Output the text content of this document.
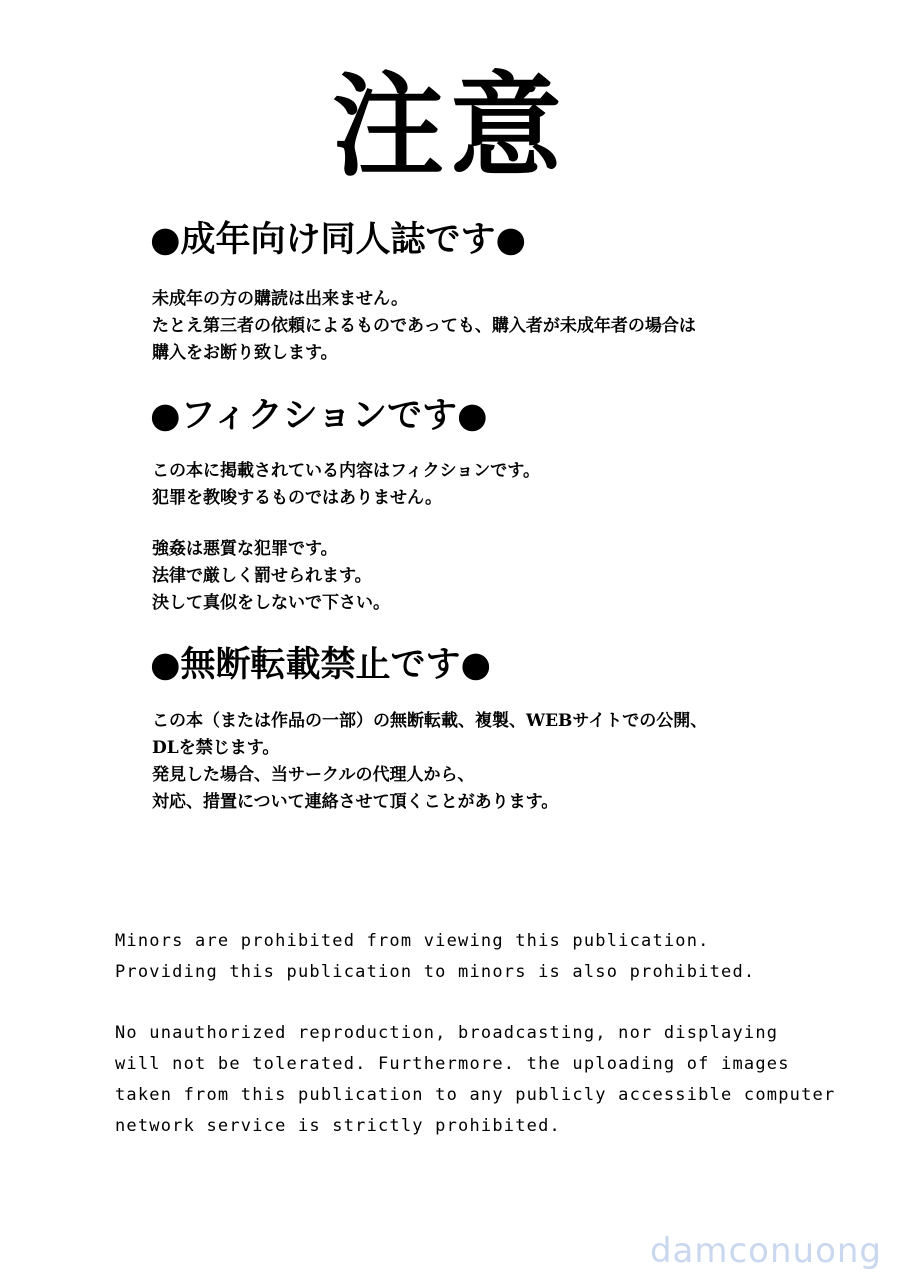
注意
●成年向け同人誌です●
未成年の方の購読は出来ません。
たとえ第三者の依頼によるものであっても、購入者が未成年者の場合は
購入をお断り致します。
●フィクションです●
この本に掲載されている内容はフィクションです。
犯罪を教唆するものではありません。
強姦は悪質な犯罪です。
法律で厳しく罰せられます。
決して真似をしないで下さい。
●無断転載禁止です●
この本（または作品の一部）の無断転載、複製、WEBサイトでの公開、
DLを禁じます。
発見した場合、当サークルの代理人から、
対応、措置について連絡させて頂くことがあります。
Minors are prohibited from viewing this publication.
Providing this publication to minors is also prohibited.
No unauthorized reproduction, broadcasting, nor displaying
will not be tolerated. Furthermore. the uploading of images
taken from this publication to any publicly accessible computer
network service is strictly prohibited.
damconuong
